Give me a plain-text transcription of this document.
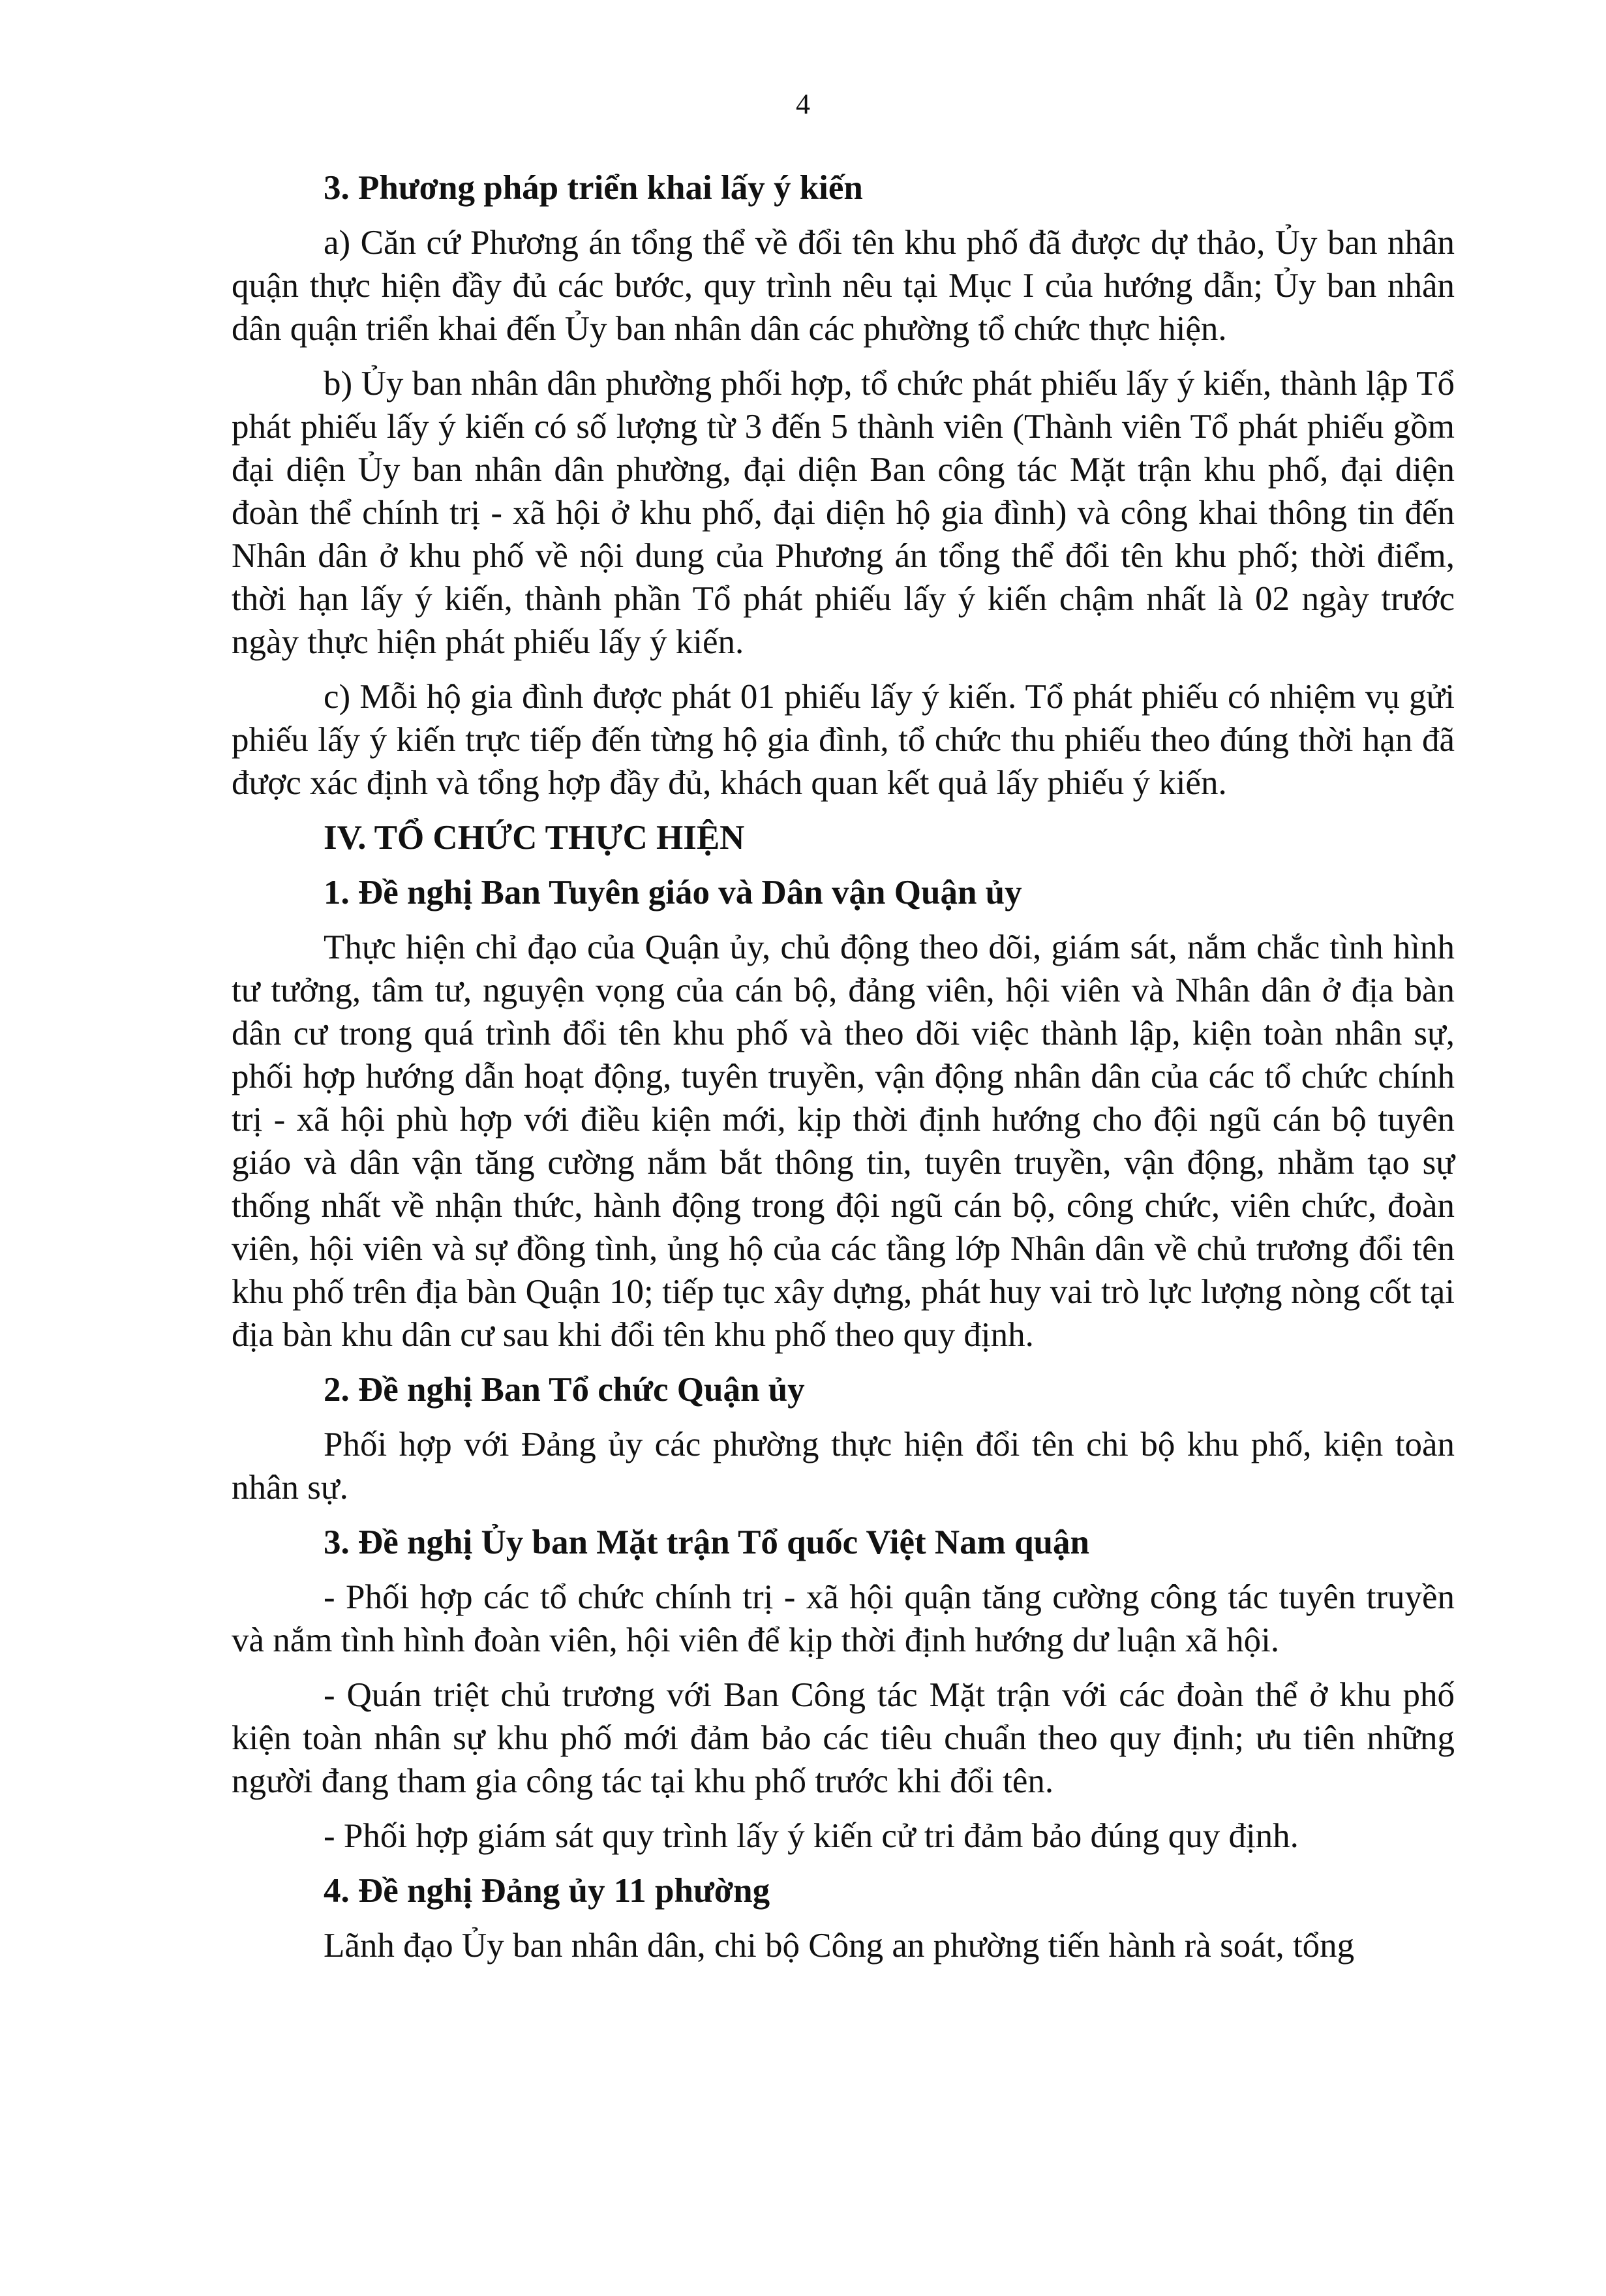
4
3. Phương pháp triển khai lấy ý kiến

a) Căn cứ Phương án tổng thể về đổi tên khu phố đã được dự thảo, Ủy ban nhân quận thực hiện đầy đủ các bước, quy trình nêu tại Mục I của hướng dẫn; Ủy ban nhân dân quận triển khai đến Ủy ban nhân dân các phường tổ chức thực hiện.

b) Ủy ban nhân dân phường phối hợp, tổ chức phát phiếu lấy ý kiến, thành lập Tổ phát phiếu lấy ý kiến có số lượng từ 3 đến 5 thành viên (Thành viên Tổ phát phiếu gồm đại diện Ủy ban nhân dân phường, đại diện Ban công tác Mặt trận khu phố, đại diện đoàn thể chính trị - xã hội ở khu phố, đại diện hộ gia đình) và công khai thông tin đến Nhân dân ở khu phố về nội dung của Phương án tổng thể đổi tên khu phố; thời điểm, thời hạn lấy ý kiến, thành phần Tổ phát phiếu lấy ý kiến chậm nhất là 02 ngày trước ngày thực hiện phát phiếu lấy ý kiến.

c) Mỗi hộ gia đình được phát 01 phiếu lấy ý kiến. Tổ phát phiếu có nhiệm vụ gửi phiếu lấy ý kiến trực tiếp đến từng hộ gia đình, tổ chức thu phiếu theo đúng thời hạn đã được xác định và tổng hợp đầy đủ, khách quan kết quả lấy phiếu ý kiến.

IV. TỔ CHỨC THỰC HIỆN
1. Đề nghị Ban Tuyên giáo và Dân vận Quận ủy

Thực hiện chỉ đạo của Quận ủy, chủ động theo dõi, giám sát, nắm chắc tình hình tư tưởng, tâm tư, nguyện vọng của cán bộ, đảng viên, hội viên và Nhân dân ở địa bàn dân cư trong quá trình đổi tên khu phố và theo dõi việc thành lập, kiện toàn nhân sự, phối hợp hướng dẫn hoạt động, tuyên truyền, vận động nhân dân của các tổ chức chính trị - xã hội phù hợp với điều kiện mới, kịp thời định hướng cho đội ngũ cán bộ tuyên giáo và dân vận tăng cường nắm bắt thông tin, tuyên truyền, vận động, nhằm tạo sự thống nhất về nhận thức, hành động trong đội ngũ cán bộ, công chức, viên chức, đoàn viên, hội viên và sự đồng tình, ủng hộ của các tầng lớp Nhân dân về chủ trương đổi tên khu phố trên địa bàn Quận 10; tiếp tục xây dựng, phát huy vai trò lực lượng nòng cốt tại địa bàn khu dân cư sau khi đổi tên khu phố theo quy định.

2. Đề nghị Ban Tổ chức Quận ủy

Phối hợp với Đảng ủy các phường thực hiện đổi tên chi bộ khu phố, kiện toàn nhân sự.

3. Đề nghị Ủy ban Mặt trận Tổ quốc Việt Nam quận

- Phối hợp các tổ chức chính trị - xã hội quận tăng cường công tác tuyên truyền và nắm tình hình đoàn viên, hội viên để kịp thời định hướng dư luận xã hội.

- Quán triệt chủ trương với Ban Công tác Mặt trận với các đoàn thể ở khu phố kiện toàn nhân sự khu phố mới đảm bảo các tiêu chuẩn theo quy định; ưu tiên những người đang tham gia công tác tại khu phố trước khi đổi tên.

- Phối hợp giám sát quy trình lấy ý kiến cử tri đảm bảo đúng quy định.

4. Đề nghị Đảng ủy 11 phường

Lãnh đạo Ủy ban nhân dân, chi bộ Công an phường tiến hành rà soát, tổng
